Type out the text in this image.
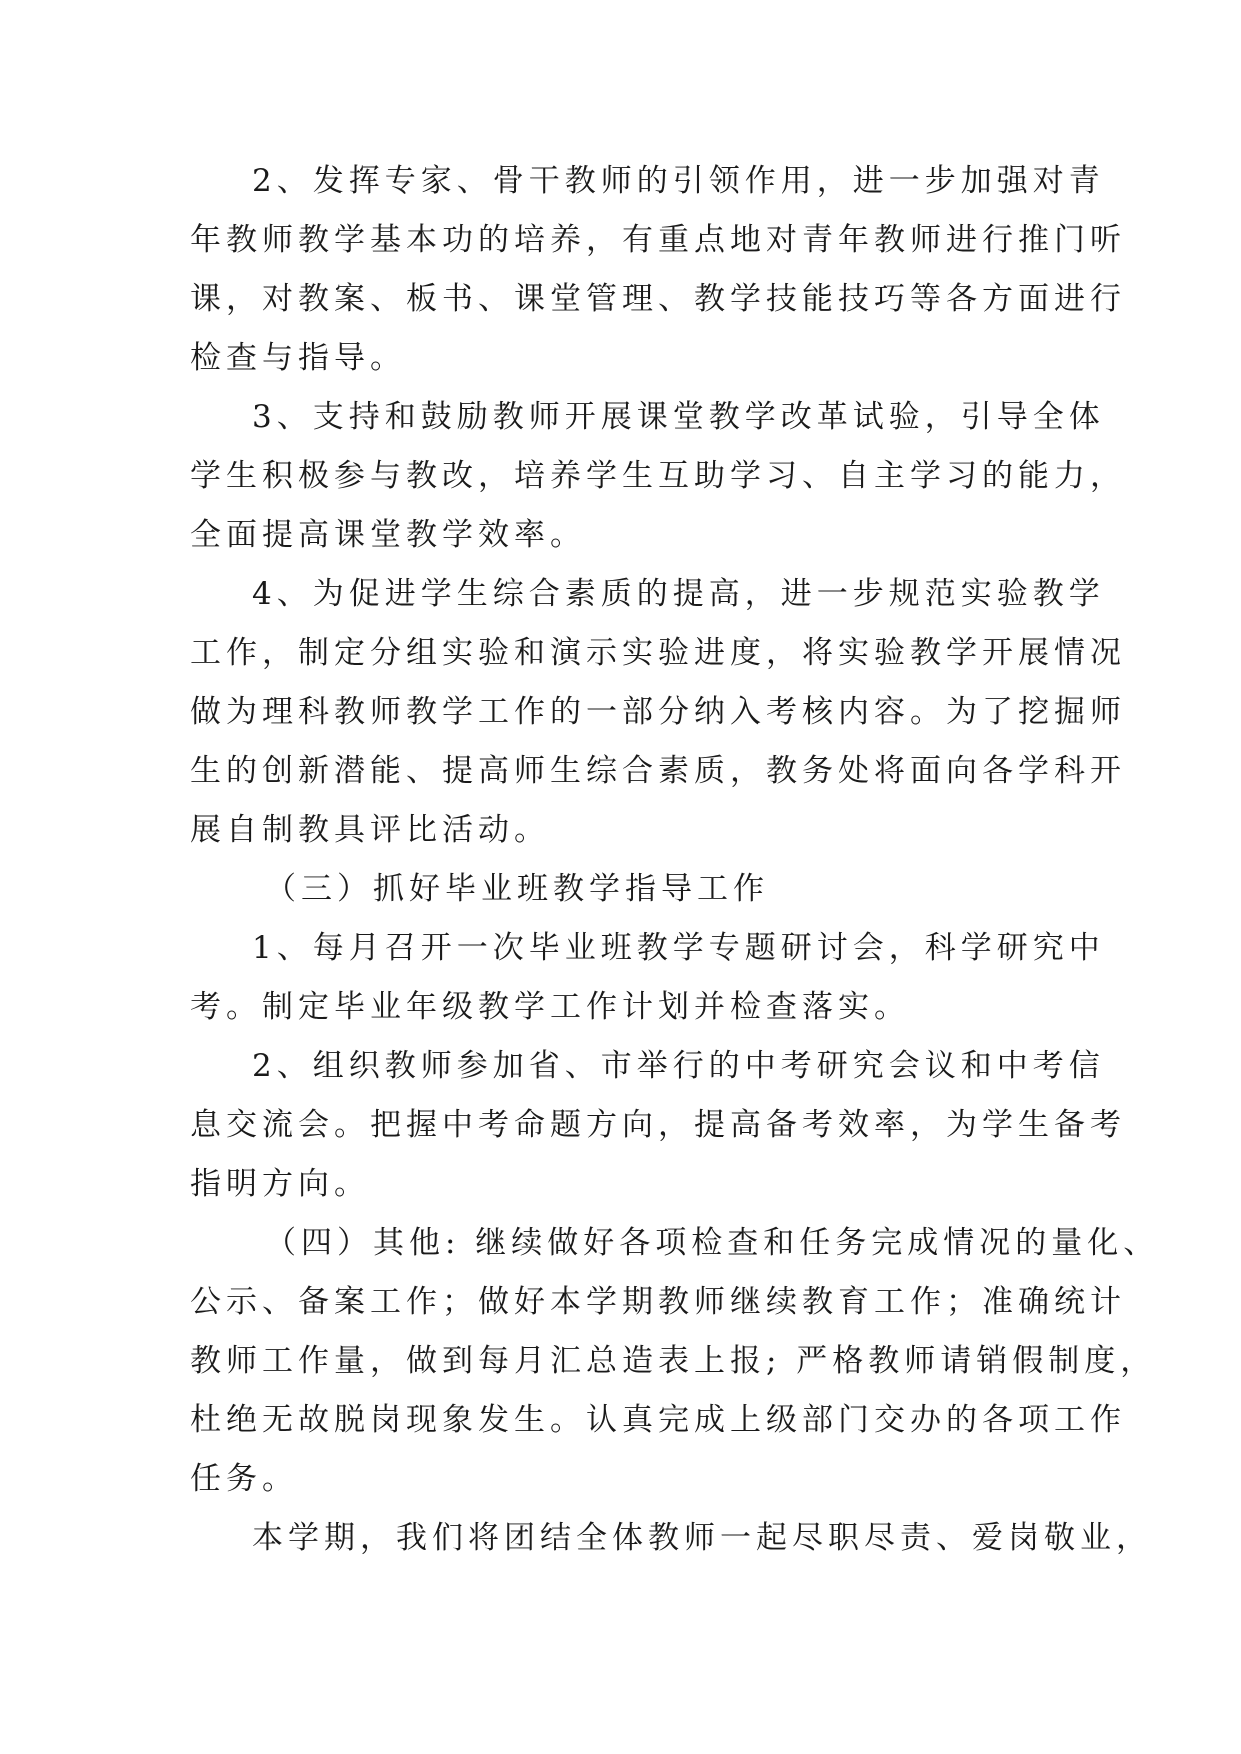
2、发挥专家、骨干教师的引领作用，进一步加强对青
年教师教学基本功的培养，有重点地对青年教师进行推门听
课，对教案、板书、课堂管理、教学技能技巧等各方面进行
检查与指导。

3、支持和鼓励教师开展课堂教学改革试验，引导全体
学生积极参与教改，培养学生互助学习、自主学习的能力，
全面提高课堂教学效率。

4、为促进学生综合素质的提高，进一步规范实验教学
工作，制定分组实验和演示实验进度，将实验教学开展情况
做为理科教师教学工作的一部分纳入考核内容。为了挖掘师
生的创新潜能、提高师生综合素质，教务处将面向各学科开
展自制教具评比活动。

（三）抓好毕业班教学指导工作

1、每月召开一次毕业班教学专题研讨会，科学研究中
考。制定毕业年级教学工作计划并检查落实。

2、组织教师参加省、市举行的中考研究会议和中考信
息交流会。把握中考命题方向，提高备考效率，为学生备考
指明方向。

（四）其他: 继续做好各项检查和任务完成情况的量化、
公示、备案工作；做好本学期教师继续教育工作；准确统计
教师工作量，做到每月汇总造表上报; 严格教师请销假制度，
杜绝无故脱岗现象发生。认真完成上级部门交办的各项工作
任务。

本学期，我们将团结全体教师一起尽职尽责、爱岗敬业，
